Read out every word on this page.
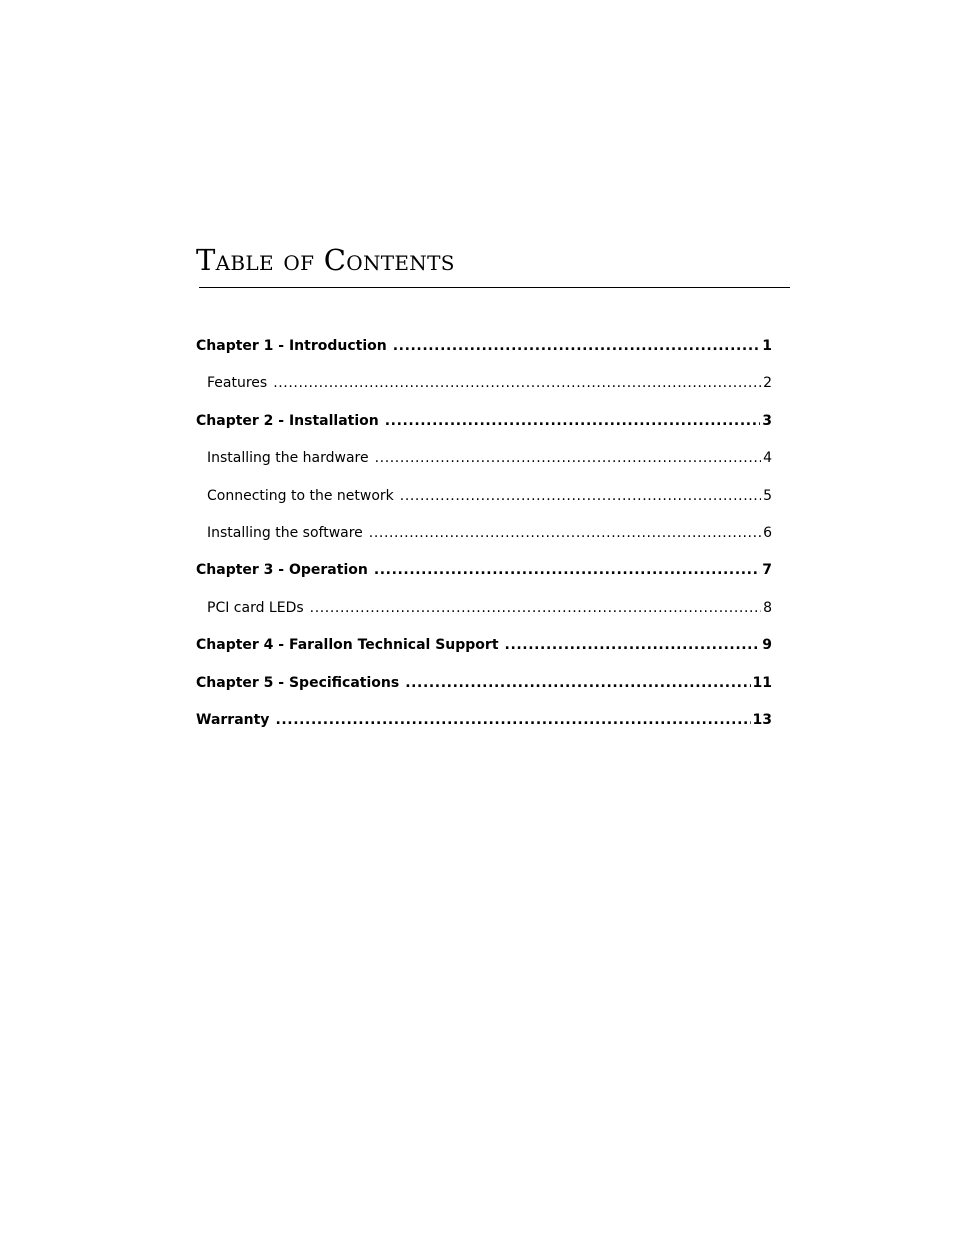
Table of Contents
Chapter 1 - Introduction .....	1
Features .....	2
Chapter 2 - Installation .....	3
Installing the hardware .....	4
Connecting to the network .....	5
Installing the software .....	6
Chapter 3 - Operation .....	7
PCI card LEDs .....	8
Chapter 4 - Farallon Technical Support .....	9
Chapter 5 - Specifications .....	11
Warranty .....	13
